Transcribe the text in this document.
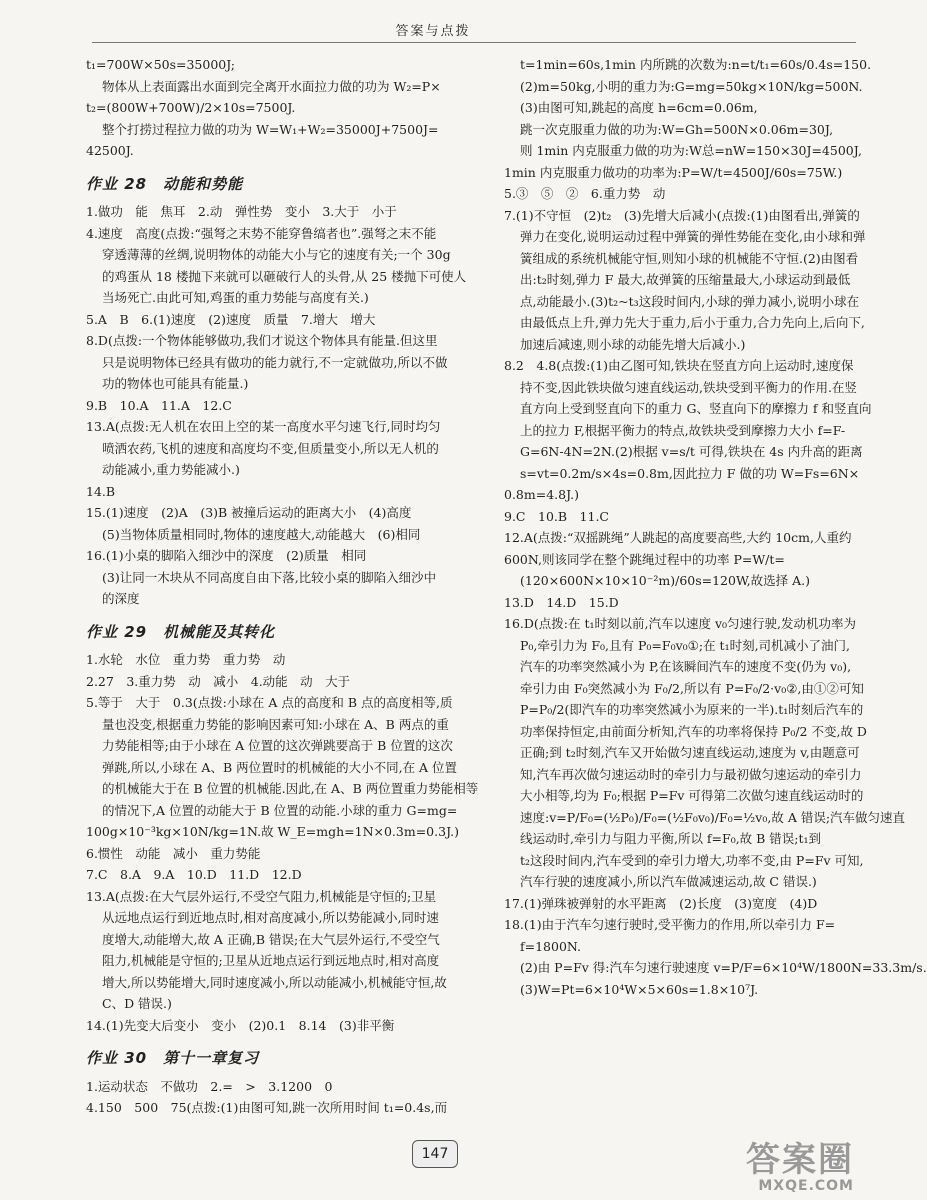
答案与点拨
t₁=700W×50s=35000J;
物体从上表面露出水面到完全离开水面拉力做的功为 W₂=P×
t₂=(800W+700W)/2×10s=7500J.
整个打捞过程拉力做的功为 W=W₁+W₂=35000J+7500J=
42500J.
作业 28　动能和势能
1.做功　能　焦耳　2.动　弹性势　变小　3.大于　小于
4.速度　高度(点拨:“强弩之末势不能穿鲁缟者也”.强弩之末不能
穿透薄薄的丝绸,说明物体的动能大小与它的速度有关;一个 30g
的鸡蛋从 18 楼抛下来就可以砸破行人的头骨,从 25 楼抛下可使人
当场死亡.由此可知,鸡蛋的重力势能与高度有关.)
5.A　B　6.(1)速度　(2)速度　质量　7.增大　增大
8.D(点拨:一个物体能够做功,我们才说这个物体具有能量.但这里
只是说明物体已经具有做功的能力就行,不一定就做功,所以不做
功的物体也可能具有能量.)
9.B　10.A　11.A　12.C
13.A(点拨:无人机在农田上空的某一高度水平匀速飞行,同时均匀
喷洒农药,飞机的速度和高度均不变,但质量变小,所以无人机的
动能减小,重力势能减小.)
14.B
15.(1)速度　(2)A　(3)B 被撞后运动的距离大小　(4)高度
(5)当物体质量相同时,物体的速度越大,动能越大　(6)相同
16.(1)小桌的脚陷入细沙中的深度　(2)质量　相同
(3)让同一木块从不同高度自由下落,比较小桌的脚陷入细沙中
的深度
作业 29　机械能及其转化
1.水轮　水位　重力势　重力势　动
2.27　3.重力势　动　减小　4.动能　动　大于
5.等于　大于　0.3(点拨:小球在 A 点的高度和 B 点的高度相等,质
量也没变,根据重力势能的影响因素可知:小球在 A、B 两点的重
力势能相等;由于小球在 A 位置的这次弹跳要高于 B 位置的这次
弹跳,所以,小球在 A、B 两位置时的机械能的大小不同,在 A 位置
的机械能大于在 B 位置的机械能.因此,在 A、B 两位置重力势能相等
的情况下,A 位置的动能大于 B 位置的动能.小球的重力 G=mg=
100g×10⁻³kg×10N/kg=1N.故 W_E=mgh=1N×0.3m=0.3J.)
6.惯性　动能　减小　重力势能
7.C　8.A　9.A　10.D　11.D　12.D
13.A(点拨:在大气层外运行,不受空气阻力,机械能是守恒的;卫星
从远地点运行到近地点时,相对高度减小,所以势能减小,同时速
度增大,动能增大,故 A 正确,B 错误;在大气层外运行,不受空气
阻力,机械能是守恒的;卫星从近地点运行到远地点时,相对高度
增大,所以势能增大,同时速度减小,所以动能减小,机械能守恒,故
C、D 错误.)
14.(1)先变大后变小　变小　(2)0.1　8.14　(3)非平衡
作业 30　第十一章复习
1.运动状态　不做功　2.=　>　3.1200　0
4.150　500　75(点拨:(1)由图可知,跳一次所用时间 t₁=0.4s,而
t=1min=60s,1min 内所跳的次数为:n=t/t₁=60s/0.4s=150.
(2)m=50kg,小明的重力为:G=mg=50kg×10N/kg=500N.
(3)由图可知,跳起的高度 h=6cm=0.06m,
跳一次克服重力做的功为:W=Gh=500N×0.06m=30J,
则 1min 内克服重力做的功为:W总=nW=150×30J=4500J,
1min 内克服重力做功的功率为:P=W/t=4500J/60s=75W.)
5.③　⑤　②　6.重力势　动
7.(1)不守恒　(2)t₂　(3)先增大后减小(点拨:(1)由图看出,弹簧的
弹力在变化,说明运动过程中弹簧的弹性势能在变化,由小球和弹
簧组成的系统机械能守恒,则知小球的机械能不守恒.(2)由图看
出:t₂时刻,弹力 F 最大,故弹簧的压缩量最大,小球运动到最低
点,动能最小.(3)t₂~t₃这段时间内,小球的弹力减小,说明小球在
由最低点上升,弹力先大于重力,后小于重力,合力先向上,后向下,
加速后减速,则小球的动能先增大后减小.)
8.2　4.8(点拨:(1)由乙图可知,铁块在竖直方向上运动时,速度保
持不变,因此铁块做匀速直线运动,铁块受到平衡力的作用.在竖
直方向上受到竖直向下的重力 G、竖直向下的摩擦力 f 和竖直向
上的拉力 F,根据平衡力的特点,故铁块受到摩擦力大小 f=F-
G=6N-4N=2N.(2)根据 v=s/t 可得,铁块在 4s 内升高的距离
s=vt=0.2m/s×4s=0.8m,因此拉力 F 做的功 W=Fs=6N×
0.8m=4.8J.)
9.C　10.B　11.C
12.A(点拨:“双摇跳绳”人跳起的高度要高些,大约 10cm,人重约
600N,则该同学在整个跳绳过程中的功率 P=W/t=
(120×600N×10×10⁻²m)/60s=120W,故选择 A.)
13.D　14.D　15.D
16.D(点拨:在 t₁时刻以前,汽车以速度 v₀匀速行驶,发动机功率为
P₀,牵引力为 F₀,且有 P₀=F₀v₀①;在 t₁时刻,司机减小了油门,
汽车的功率突然减小为 P,在该瞬间汽车的速度不变(仍为 v₀),
牵引力由 F₀突然减小为 F₀/2,所以有 P=F₀/2·v₀②,由①②可知
P=P₀/2(即汽车的功率突然减小为原来的一半).t₁时刻后汽车的
功率保持恒定,由前面分析知,汽车的功率将保持 P₀/2 不变,故 D
正确;到 t₂时刻,汽车又开始做匀速直线运动,速度为 v,由题意可
知,汽车再次做匀速运动时的牵引力与最初做匀速运动的牵引力
大小相等,均为 F₀;根据 P=Fv 可得第二次做匀速直线运动时的
速度:v=P/F₀=(½P₀)/F₀=(½F₀v₀)/F₀=½v₀,故 A 错误;汽车做匀速直
线运动时,牵引力与阻力平衡,所以 f=F₀,故 B 错误;t₁到
t₂这段时间内,汽车受到的牵引力增大,功率不变,由 P=Fv 可知,
汽车行驶的速度减小,所以汽车做减速运动,故 C 错误.)
17.(1)弹珠被弹射的水平距离　(2)长度　(3)宽度　(4)D
18.(1)由于汽车匀速行驶时,受平衡力的作用,所以牵引力 F=
f=1800N.
(2)由 P=Fv 得:汽车匀速行驶速度 v=P/F=6×10⁴W/1800N=33.3m/s.
(3)W=Pt=6×10⁴W×5×60s=1.8×10⁷J.
147	答案圈
MXQE.COM
